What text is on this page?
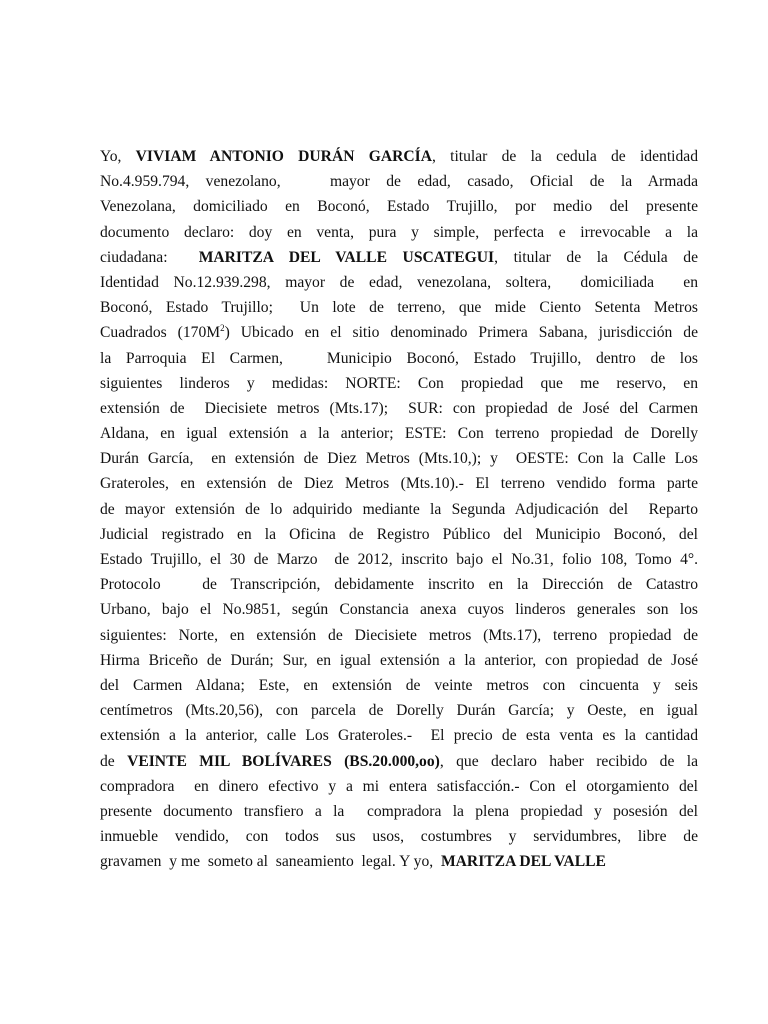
Yo, VIVIAM ANTONIO DURÁN GARCÍA, titular de la cedula de identidad
No.4.959.794, venezolano,   mayor de edad, casado, Oficial de la Armada
Venezolana, domiciliado en Boconó, Estado Trujillo, por medio del presente
documento declaro: doy en venta, pura y simple, perfecta e irrevocable a la
ciudadana:  MARITZA DEL VALLE USCATEGUI, titular de la Cédula de
Identidad No.12.939.298, mayor de edad, venezolana, soltera,  domiciliada  en
Boconó, Estado Trujillo;  Un lote de terreno, que mide Ciento Setenta Metros
Cuadrados $(170M^2)$ Ubicado en el sitio denominado Primera Sabana, jurisdicción de
la Parroquia El Carmen,   Municipio Boconó, Estado Trujillo, dentro de los
siguientes linderos y medidas: NORTE: Con propiedad que me reservo, en
extensión de  Diecisiete metros (Mts.17);  SUR: con propiedad de José del Carmen
Aldana, en igual extensión a la anterior; ESTE: Con terreno propiedad de Dorelly
Durán García,  en extensión de Diez Metros (Mts.10,); y  OESTE: Con la Calle Los
Grateroles, en extensión de Diez Metros (Mts.10).- El terreno vendido forma parte
de mayor extensión de lo adquirido mediante la Segunda Adjudicación del  Reparto
Judicial registrado en la Oficina de Registro Público del Municipio Boconó, del
Estado Trujillo, el 30 de Marzo  de 2012, inscrito bajo el No.31, folio 108, Tomo 4°.
Protocolo   de Transcripción, debidamente inscrito en la Dirección de Catastro
Urbano, bajo el No.9851, según Constancia anexa cuyos linderos generales son los
siguientes: Norte, en extensión de Diecisiete metros (Mts.17), terreno propiedad de
Hirma Briceño de Durán; Sur, en igual extensión a la anterior, con propiedad de José
del Carmen Aldana; Este, en extensión de veinte metros con cincuenta y seis
centímetros (Mts.20,56), con parcela de Dorelly Durán García; y Oeste, en igual
extensión a la anterior, calle Los Grateroles.-  El precio de esta venta es la cantidad
de VEINTE MIL BOLÍVARES (BS.20.000,oo), que declaro haber recibido de la
compradora  en dinero efectivo y a mi entera satisfacción.- Con el otorgamiento del
presente documento transfiero a la  compradora la plena propiedad y posesión del
inmueble vendido, con todos sus usos, costumbres y servidumbres, libre de
gravamen  y me  someto al  saneamiento  legal. Y yo,  MARITZA DEL VALLE
